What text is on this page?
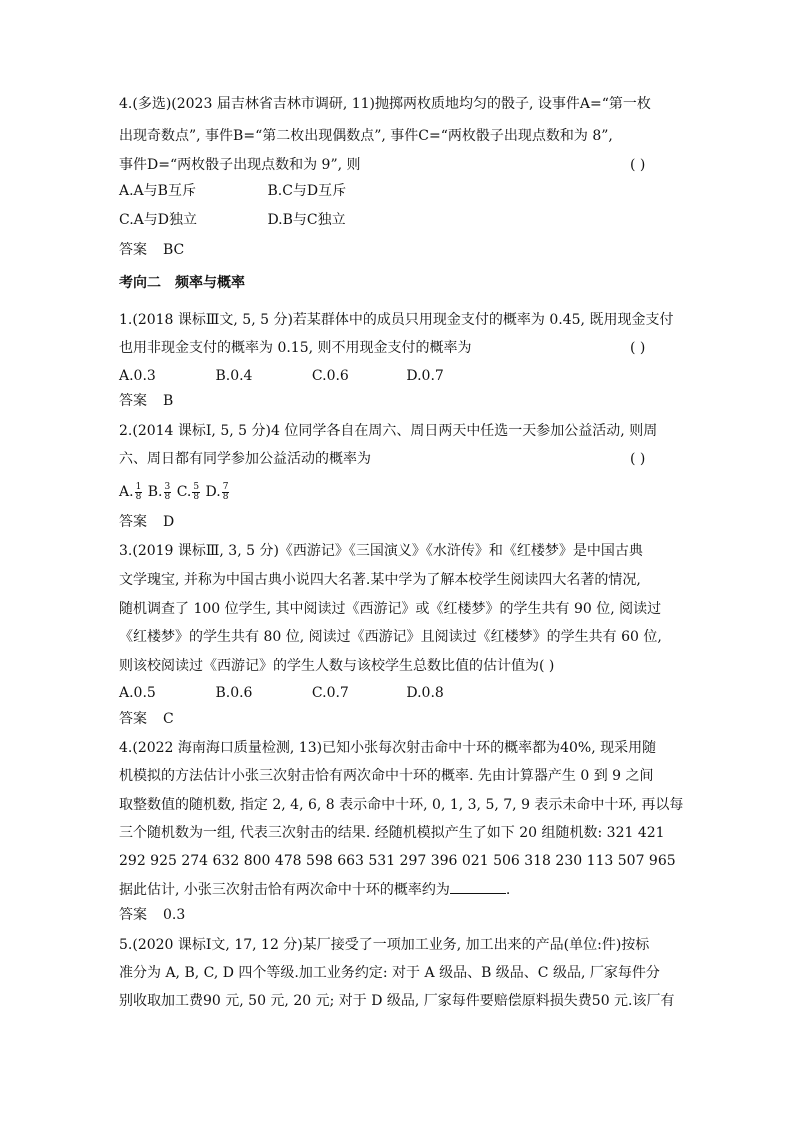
4.(多选)(2023 届吉林省吉林市调研, 11)抛掷两枚质地均匀的骰子, 设事件A=“第一枚

出现奇数点”, 事件B=“第二枚出现偶数点”, 事件C=“两枚骰子出现点数和为 8”,

事件D=“两枚骰子出现点数和为 9”, 则	( )
A.A与B互斥	B.C与D互斥
C.A与D独立	D.B与C独立
答案 BC

考向二　频率与概率

1.(2018 课标Ⅲ文, 5, 5 分)若某群体中的成员只用现金支付的概率为 0.45, 既用现金支付

也用非现金支付的概率为 0.15, 则不用现金支付的概率为	( )
A.0.3	B.0.4	C.0.6	D.0.7
答案 B

2.(2014 课标Ⅰ, 5, 5 分)4 位同学各自在周六、周日两天中任选一天参加公益活动, 则周

六、周日都有同学参加公益活动的概率为	( )
A. $\frac{1}{8} B$. $\frac{3}{8} C$. $\frac{5}{8} D$. $\frac{7}{8}$
答案 D

3.(2019 课标Ⅲ, 3, 5 分)《西游记》《三国演义》《水浒传》和《红楼梦》是中国古典

文学瑰宝, 并称为中国古典小说四大名著.某中学为了解本校学生阅读四大名著的情况,

随机调查了 100 位学生, 其中阅读过《西游记》或《红楼梦》的学生共有 90 位, 阅读过

《红楼梦》的学生共有 80 位, 阅读过《西游记》且阅读过《红楼梦》的学生共有 60 位,

则该校阅读过《西游记》的学生人数与该校学生总数比值的估计值为( )

A.0.5	B.0.6	C.0.7	D.0.8
答案 C

4.(2022 海南海口质量检测, 13)已知小张每次射击命中十环的概率都为40%, 现采用随

机模拟的方法估计小张三次射击恰有两次命中十环的概率. 先由计算器产生 0 到 9 之间

取整数值的随机数, 指定 2, 4, 6, 8 表示命中十环, 0, 1, 3, 5, 7, 9 表示未命中十环, 再以每

三个随机数为一组, 代表三次射击的结果. 经随机模拟产生了如下 20 组随机数: 321 421

292 925 274 632 800 478 598 663 531 297 396 021 506 318 230 113 507 965

据此估计, 小张三次射击恰有两次命中十环的概率约为	.
答案 0.3

5.(2020 课标Ⅰ文, 17, 12 分)某厂接受了一项加工业务, 加工出来的产品(单位:件)按标

准分为 A, B, C, D 四个等级.加工业务约定: 对于 A 级品、B 级品、C 级品, 厂家每件分

别收取加工费90 元, 50 元, 20 元; 对于 D 级品, 厂家每件要赔偿原料损失费50 元.该厂有
